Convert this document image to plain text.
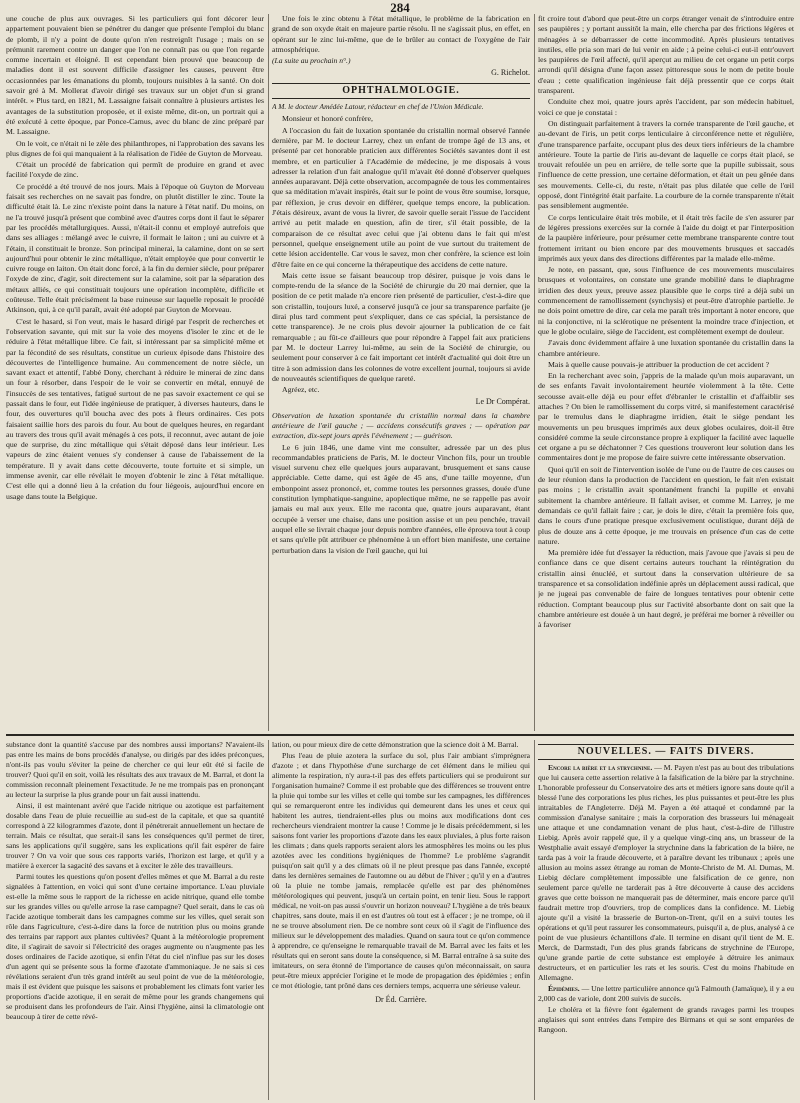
284

une couche de plus aux ouvrages. Si les particuliers qui font décorer leur appartement pouvaient bien se pénétrer du danger que présente l'emploi du blanc de plomb, il n'y a point de doute qu'on n'en restreignît l'usage ; mais on se prémunit rarement contre un danger que l'on ne connaît pas ou que l'on regarde comme incertain et éloigné. Il est cependant bien prouvé que beaucoup de maladies dont il est souvent difficile d'assigner les causes, peuvent être occasionnées par les émanations du plomb, toujours nuisibles à la santé. On doit savoir gré à M. Mollerat d'avoir dirigé ses travaux sur un objet d'un si grand intérêt. » Plus tard, en 1821, M. Lassaigne faisait connaître à plusieurs artistes les avantages de la substitution proposée, et il existe même, dit-on, un portrait qui a été exécuté à cette époque, par Ponce-Camus, avec du blanc de zinc préparé par M. Lassaigne.

On le voit, ce n'était ni le zèle des philanthropes, ni l'approbation des savans les plus dignes de foi qui manquaient à la réalisation de l'idée de Guyton de Morveau.

C'était un procédé de fabrication qui permît de produire en grand et avec facilité l'oxyde de zinc.

Ce procédé a été trouvé de nos jours. Mais à l'époque où Guyton de Morveau faisait ses recherches on ne savait pas fondre, on plutôt distiller le zinc. Toute la difficulté était là. Le zinc n'existe point dans la nature à l'état natif. Du moins, on ne l'a trouvé jusqu'à présent que combiné avec d'autres corps dont il faut le séparer par les procédés métallurgiques. Aussi, n'était-il connu et employé autrefois que dans ses alliages : mélangé avec le cuivre, il formait le laiton ; uni au cuivre et à l'étain, il constituait le bronze. Son principal minerai, la calamine, dont on se sert aujourd'hui pour obtenir le zinc métallique, n'était employée que pour convertir le cuivre rouge en laiton. On était donc forcé, à la fin du dernier siècle, pour préparer l'oxyde de zinc, d'agir, soit directement sur la calamine, soit par la séparation des métaux alliés, ce qui constituait toujours une opération incomplète, difficile et coûteuse. Telle était précisément la base ruineuse sur laquelle reposait le procédé Atkinson, qui, à ce qu'il paraît, avait été adopté par Guyton de Morveau.

C'est le hasard, si l'on veut, mais le hasard dirigé par l'esprit de recherches et l'observation savante, qui mit sur la voie des moyens d'isoler le zinc et de le réduire à l'état métallique libre. Ce fait, si intéressant par sa simplicité même et par la fécondité de ses résultats, constitue un curieux épisode dans l'histoire des découvertes de l'intelligence humaine. Au commencement de notre siècle, un savant exact et attentif, l'abbé Dony, cherchant à réduire le minerai de zinc dans un four à résorber, dans l'espoir de le voir se convertir en métal, ennuyé de l'insuccès de ses tentatives, fatigué surtout de ne pas savoir exactement ce qui se passait dans le four, eut l'idée ingénieuse de pratiquer, à diverses hauteurs, dans le four, des ouvertures qu'il boucha avec des pots à fleurs ordinaires. Ces pots faisaient saillie hors des parois du four. Au bout de quelques heures, en regardant au travers des trous qu'il avait ménagés à ces pots, il reconnut, avec autant de joie que de surprise, du zinc métallique qui s'était déposé dans leur intérieur. Les vapeurs de zinc étaient venues s'y condenser à cause de l'abaissement de la température. Il y avait dans cette découverte, toute fortuite et si simple, un immense avenir, car elle révélait le moyen d'obtenir le zinc à l'état métallique. C'est elle qui a donné lieu à la création du four liégeois, aujourd'hui encore en usage dans toute la Belgique.

Une fois le zinc obtenu à l'état métallique, le problème de la fabrication en grand de son oxyde était en majeure partie résolu. Il ne s'agissait plus, en effet, en opérant sur le zinc lui-même, que de le brûler au contact de l'oxygène de l'air atmosphérique.

(La suite au prochain n°.)

G. Richelot.

OPHTHALMOLOGIE.

A M. le docteur Amédée Latour, rédacteur en chef de l'Union Médicale.

Monsieur et honoré confrère,

A l'occasion du fait de luxation spontanée du cristallin normal observé l'année dernière, par M. le docteur Larrey, chez un enfant de trompe âgé de 13 ans, et présenté par cet honorable praticien aux différentes Sociétés savantes dont il est membre, et en particulier à l'Académie de médecine, je me disposais à vous adresser la relation d'un fait analogue qu'il m'avait été donné d'observer quelques années auparavant. Déjà cette observation, accompagnée de tous les commentaires que sa méditation m'avait inspirés, était sur le point de vous être soumise, lorsque, par réflexion, je crus devoir en différer, quelque temps encore, la publication. J'étais désireux, avant de vous la livrer, de savoir quelle serait l'issue de l'accident arrivé au petit malade en question, afin de tirer, s'il était possible, de la comparaison de ce résultat avec celui que j'ai obtenu dans le fait qui m'est personnel, quelque enseignement utile au point de vue surtout du traitement de cette lésion accidentelle. Car vous le savez, mon cher confrère, la science est loin d'être faite en ce qui concerne la thérapeutique des accidens de cette nature.

Mais cette issue se faisant beaucoup trop désirer, puisque je vois dans le compte-rendu de la séance de la Société de chirurgie du 20 mai dernier, que la position de ce petit malade n'a encore rien présenté de particulier, c'est-à-dire que son cristallin, toujours luxé, a conservé jusqu'à ce jour sa transparence parfaite (je dirai plus tard comment peut s'expliquer, dans ce cas spécial, la persistance de cette transparence). Je ne crois plus devoir ajourner la publication de ce fait remarquable ; au fût-ce d'ailleurs que pour répondre à l'appel fait aux praticiens par M. le docteur Larrey lui-même, au sein de la Société de chirurgie, ou seulement pour conserver à ce fait important cet intérêt d'actualité qui doit être un titre à son admission dans les colonnes de votre excellent journal, toujours si avide de nouveautés scientifiques de quelque rareté.

Agréez, etc.

Le Dr Compérat.

Observation de luxation spontanée du cristallin normal dans la chambre antérieure de l'œil gauche ; — accidens consécutifs graves ; — opération par extraction, dix-sept jours après l'événement ; — guérison.

Le 6 juin 1846, une dame vint me consulter, adressée par un des plus recommandables praticiens de Paris, M. le docteur Vinchon fils, pour un trouble visuel survenu chez elle quelques jours auparavant, brusquement et sans cause appréciable. Cette dame, qui est âgée de 45 ans, d'une taille moyenne, d'un embonpoint assez prononcé, et, comme toutes les personnes grasses, douée d'une constitution lymphatique-sanguine, apoplectique même, ne se rappelle pas avoir jamais eu mal aux yeux. Elle me raconta que, quatre jours auparavant, étant occupée à verser une chaise, dans une position assise et un peu penchée, travail auquel elle se livrait chaque jour depuis nombre d'années, elle éprouva tout à coup et sans qu'elle pût attribuer ce phénomène à un effort bien manifeste, une certaine perturbation dans la vision de l'œil gauche, qui lui

fit croire tout d'abord que peut-être un corps étranger venait de s'introduire entre ses paupières ; y portant aussitôt la main, elle chercha par des frictions légères et ménagées à se débarrasser de cette incommodité. Après plusieurs tentatives inutiles, elle pria son mari de lui venir en aide ; à peine celui-ci eut-il entr'ouvert les paupières de l'œil affecté, qu'il aperçut au milieu de cet organe un petit corps arrondi qu'il désigna d'une façon assez pittoresque sous le nom de petite boule d'eau ; cette qualification ingénieuse fait déjà pressentir que ce corps était transparent.

Conduite chez moi, quatre jours après l'accident, par son médecin habituel, voici ce que je constatai :

On distinguait parfaitement à travers la cornée transparente de l'œil gauche, et au-devant de l'iris, un petit corps lenticulaire à circonférence nette et régulière, d'une transparence parfaite, occupant plus des deux tiers inférieurs de la chambre antérieure. Toute la partie de l'iris au-devant de laquelle ce corps était placé, se trouvait refoulée un peu en arrière, de telle sorte que la pupille subissait, sous l'influence de cette pression, une certaine déformation, et était un peu gênée dans ses mouvements. Celle-ci, du reste, n'était pas plus dilatée que celle de l'œil opposé, dont l'intégrité était parfaite. La courbure de la cornée transparente n'était pas sensiblement augmentée.

Ce corps lenticulaire était très mobile, et il était très facile de s'en assurer par de légères pressions exercées sur la cornée à l'aide du doigt et par l'interposition de la paupière inférieure, pour présumer cette membrane transparente contre tout frottement irritant ou bien encore par des mouvements brusques et saccadés imprimés aux yeux dans des directions différentes par la malade elle-même.

Je note, en passant, que, sous l'influence de ces mouvements musculaires brusques et volontaires, on constate une grande mobilité dans le diaphragme irridien des deux yeux, preuve assez plausible que le corps tiré a déjà subi un commencement de ramollissement (synchysis) et peut-être d'atrophie partielle. Je ne dois point omettre de dire, car cela me paraît très important à noter encore, que ni la conjonctive, ni la sclérotique ne présentent la moindre trace d'injection, et que le globe oculaire, siège de l'accident, est complètement exempt de douleur.

J'avais donc évidemment affaire à une luxation spontanée du cristallin dans la chambre antérieure.

Mais à quelle cause pouvais-je attribuer la production de cet accident ?

En la recherchant avec soin, j'appris de la malade qu'un mois auparavant, un de ses enfants l'avait involontairement heurtée violemment à la tête. Cette secousse avait-elle déjà eu pour effet d'ébranler le cristallin et d'affaiblir ses attaches ? On bien le ramollissement du corps vitré, si manifestement caractérisé par le tremulus dans le diaphragme irridien, était le siège pendant les mouvements un peu brusques imprimés aux deux globes oculaires, doit-il être considéré comme la seule circonstance propre à expliquer la facilité avec laquelle cet organe a pu se déchatonner ? Ces questions trouveront leur solution dans les commentaires dont je me propose de faire suivre cette intéressante observation.

Quoi qu'il en soit de l'intervention isolée de l'une ou de l'autre de ces causes ou de leur réunion dans la production de l'accident en question, le fait n'en existait pas moins ; le cristallin avait spontanément franchi la pupille et envahi subitement la chambre antérieure. Il fallait aviser, et comme M. Larrey, je me demandais ce qu'il fallait faire ; car, je dois le dire, c'était la première fois que, dans le cours d'une pratique presque exclusivement oculistique, durant déjà de plus de douze ans à cette époque, je me trouvais en présence d'un cas de cette nature.

Ma première idée fut d'essayer la réduction, mais j'avoue que j'avais si peu de confiance dans ce que disent certains auteurs touchant la réintégration du cristallin ainsi énucléé, et surtout dans la conservation ultérieure de sa transparence et sa consolidation indéfinie après un déplacement aussi radical, que je ne jugeai pas convenable de faire de longues tentatives pour obtenir cette réduction. Comptant beaucoup plus sur l'activité absorbante dont on sait que la chambre antérieure est douée à un haut degré, je préférai me borner à réveiller ou à favoriser

substance dont la quantité s'accuse par des nombres aussi importans? N'avaient-ils pas entre les mains de bons procédés d'analyse, ou dirigés par des idées préconçues, n'ont-ils pas voulu s'éviter la peine de chercher ce qui leur eût été si facile de trouver? Quoi qu'il en soit, voilà les résultats des aux travaux de M. Barral, et dont la commission reconnaît pleinement l'exactitude. Je ne me trompais pas en prononçant au lecteur la surprise la plus grande pour un fait aussi inattendu.

Ainsi, il est maintenant avéré que l'acide nitrique ou azotique est parfaitement dosable dans l'eau de pluie recueillie au sud-est de la capitale, et que sa quantité correspond à 22 kilogrammes d'azote, dont il pénétrerait annuellement un hectare de terrain. Mais ce résultat, que serait-il sans les conséquences qu'il permet de tirer, sans les applications qu'il suggère, sans les explications qu'il fait espérer de faire trouver ? On va voir que sous ces rapports variés, l'horizon est large, et qu'il y a matière à exercer la sagacité des savans et à exciter le zèle des travailleurs.

Parmi toutes les questions qu'on posent d'elles mêmes et que M. Barral a du reste signalées à l'attention, en voici qui sont d'une certaine importance. L'eau pluviale est-elle la même sous le rapport de la richesse en acide nitrique, quand elle tombe sur les grandes villes ou qu'elle arrose la rase campagne? Quel serait, dans le cas où l'acide azotique tomberait dans les campagnes comme sur les villes, quel serait son rôle dans l'agriculture, c'est-à-dire dans la force de nutrition plus ou moins grande des terrains par rapport aux plantes cultivées? Quant à la météorologie proprement dite, il s'agirait de savoir si l'électricité des orages augmente ou n'augmente pas les doses ordinaires de l'acide azotique, si enfin l'état du ciel n'influe pas sur les doses d'un agent qui se présente sous la forme d'azotate d'ammoniaque. Je ne sais si ces révélations seraient d'un très grand intérêt au seul point de vue de la météorologie, mais il est évident que puisque les saisons et probablement les climats font varier les proportions d'acide azotique, il en serait de même pour les grands changemens qui se produisent dans les profondeurs de l'air. Ainsi l'hygiène, ainsi la climatologie ont beaucoup à tirer de cette révé-

lation, ou pour mieux dire de cette démonstration que la science doit à M. Barral.

Plus l'eau de pluie azotera la surface du sol, plus l'air ambiant s'imprégnera d'azote ; et dans l'hypothèse d'une surcharge de cet élément dans le milieu qui alimente la respiration, n'y aura-t-il pas des effets particuliers qui se produiront sur l'organisation humaine? Comme il est probable que des différences se trouvent entre la pluie qui tombe sur les villes et celle qui tombe sur les campagnes, les différences qui se remarqueront entre les individus qui demeurent dans les unes et ceux qui habitent les autres, tiendraient-elles plus ou moins aux modifications dont ces rechercheurs viendraient montrer la cause ! Comme je le disais précédemment, si les saisons font varier les proportions d'azote dans les eaux pluviales, à plus forte raison les climats ; dans quels rapports seraient alors les atmosphères les moins ou les plus azotées avec les conditions hygiéniques de l'homme? Le problème s'agrandit puisqu'on sait qu'il y a des climats où il ne pleut presque pas dans l'année, excepté dans les dernières semaines de l'automne ou au début de l'hiver ; qu'il y en a d'autres où la pluie ne tombe jamais, remplacée qu'elle est par des phénomènes météorologiques qui peuvent, jusqu'à un certain point, en tenir lieu. Sous le rapport médical, ne voit-on pas aussi s'ouvrir un horizon nouveau? L'hygiène a de très beaux chapitres, sans doute, mais il en est d'autres où tout est à effacer ; je ne trompe, où il ne se trouve absolument rien. De ce nombre sont ceux où il s'agit de l'influence des milieux sur le développement des maladies. Quand on saura tout ce qu'on commence à apprendre, ce qu'enseigne le remarquable travail de M. Barral avec les faits et les résultats qui en seront sans doute la conséquence, si M. Barral entraîne à sa suite des imitateurs, on sera étonné de l'importance de causes qu'on méconnaissait, on saura peut-être mieux apprécier l'origine et le mode de propagation des épidémies ; enfin ce mot étiologie, tant prôné dans ces derniers temps, acquerra une sérieuse valeur.

Dr Éd. Carrière.

NOUVELLES. — FAITS DIVERS.

Encore la bière et la strychnine. — M. Payen n'est pas au bout des tribulations que lui causera cette assertion relative à la falsification de la bière par la strychnine. L'honorable professeur du Conservatoire des arts et métiers ignore sans doute qu'il a blessé l'une des corporations les plus riches, les plus puissantes et peut-être les plus intraitables de l'Angleterre. Déjà M. Payen a été attaqué et condamné par la commission d'analyse sanitaire ; mais la corporation des brasseurs lui ménageait une attaque et une condamnation venant de plus haut, c'est-à-dire de l'illustre Liebig. Après avoir rappelé que, il y a quelque vingt-cinq ans, un brasseur de la Westphalie avait essayé d'employer la strychnine dans la fabrication de la bière, ne tarda pas à voir la fraude découverte, et à paraître devant les tribunaux ; après une allusion au moins assez étrange au roman de Monte-Christo de M. Al. Dumas, M. Liebig déclare complètement impossible une falsification de ce genre, non seulement parce qu'elle ne tarderait pas à être découverte à cause des accidens graves que cette boisson ne manquerait pas de déterminer, mais encore parce qu'il faudrait mettre trop d'ouvriers, trop de complices dans la confidence. M. Liebig ajoute qu'il a visité la brasserie de Burton-on-Trent, qu'il en a suivi toutes les opérations et qu'il peut rassurer les consommateurs, puisqu'il a, de plus, analysé à ce point de vue plusieurs échantillons d'ale. Il termine en disant qu'il tient de M. E. Merck, de Darmstadt, l'un des plus grands fabricans de strychnine de l'Europe, qu'une grande partie de cette substance est employée à détruire les animaux destructeurs, et en particulier les rats et les souris. C'est du moins l'habitude en Allemagne.

Épidémies. — Une lettre particulière annonce qu'à Falmouth (Jamaïque), il y a eu 2,000 cas de variole, dont 200 suivis de succès.

Le choléra et la fièvre font également de grands ravages parmi les troupes anglaises qui sont entrées dans l'empire des Birmans et qui se sont emparées de Rangoon.
